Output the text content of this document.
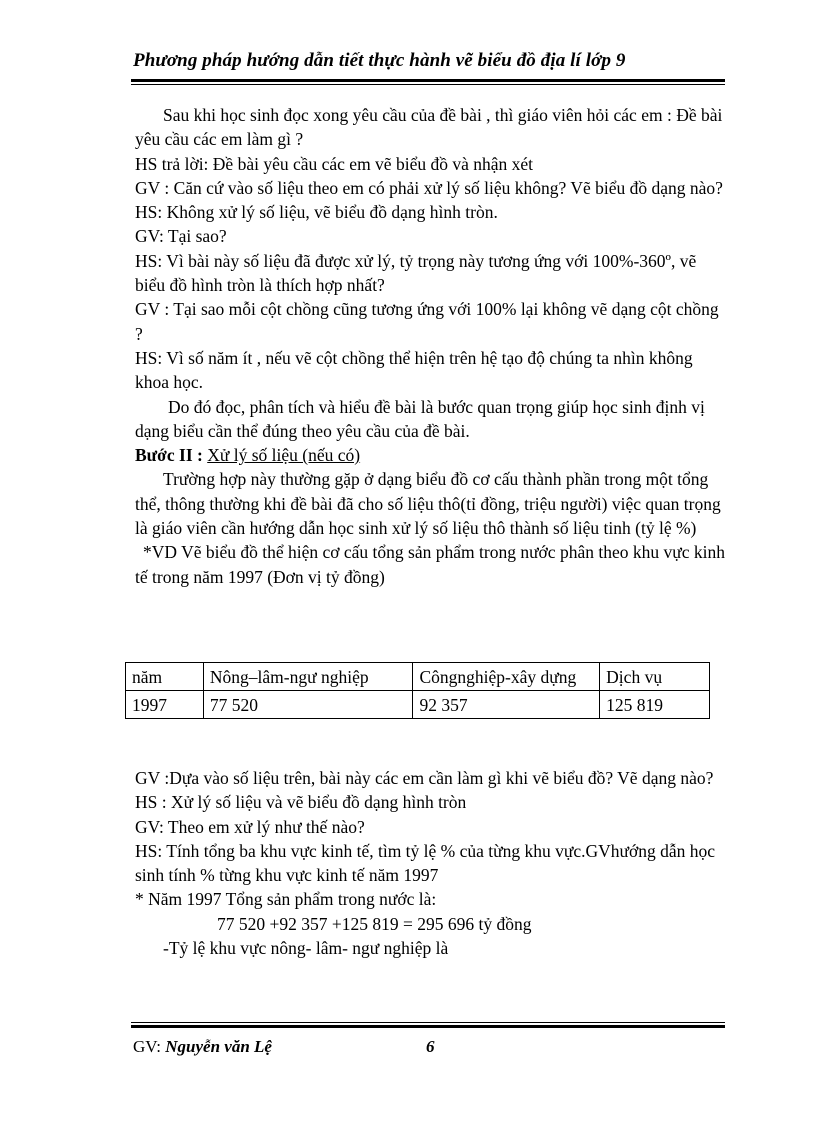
Phương pháp hướng dẫn tiết thực hành vẽ biểu đồ địa lí lớp 9

Sau khi học sinh đọc xong yêu cầu của đề bài , thì giáo viên hỏi các em : Đề bài yêu cầu các em làm gì ?

HS trả lời: Đề bài yêu cầu các em vẽ biểu đồ và nhận xét

GV : Căn cứ vào số liệu theo em có phải xử lý số liệu không? Vẽ biểu đồ dạng nào?

HS: Không xử lý số liệu, vẽ biểu đồ dạng hình tròn.

GV: Tại sao?

HS: Vì bài này số liệu đã được xử lý, tỷ trọng này tương ứng với 100%-360º, vẽ biểu đồ hình tròn là thích hợp nhất?

GV : Tại sao mỗi cột chồng cũng tương ứng với 100% lại không vẽ dạng cột chồng ?

HS: Vì số năm ít , nếu vẽ cột chồng thể hiện trên hệ tạo độ chúng ta nhìn không khoa học.

Do đó đọc, phân tích và hiểu đề bài là bước quan trọng giúp học sinh định vị dạng biểu cần thể đúng theo yêu cầu của đề bài.

Bước II : Xử lý số liệu (nếu có)

Trường hợp này thường gặp ở dạng biểu đồ cơ cấu thành phần trong một tổng thể, thông thường khi đề bài đã cho số liệu thô(tỉ đồng, triệu người) việc quan trọng là giáo viên cần hướng dẫn học sinh xử lý số liệu thô thành số liệu tinh (tỷ lệ %)

*VD Vẽ biểu đồ thể hiện cơ cấu tổng sản phẩm trong nước phân theo khu vực kinh tế trong năm 1997 (Đơn vị tỷ đồng)

năm	Nông–lâm-ngư nghiệp	Côngnghiệp-xây dựng	Dịch vụ
1997	77 520	92 357	125 819

GV :Dựa vào số liệu trên, bài này các em cần làm gì khi vẽ biểu đồ? Vẽ dạng nào?

HS : Xử lý số liệu và vẽ biểu đồ dạng hình tròn

GV: Theo em xử lý như thế nào?

HS: Tính tổng ba khu vực kinh tế, tìm tỷ lệ % của từng khu vực.GVhướng dẫn học sinh tính % từng khu vực kinh tế năm 1997

* Năm 1997 Tổng sản phẩm trong nước là:

77 520 +92 357 +125 819 = 295 696 tỷ đồng

-Tỷ lệ khu vực nông- lâm- ngư nghiệp là

GV: Nguyễn văn Lệ	6
